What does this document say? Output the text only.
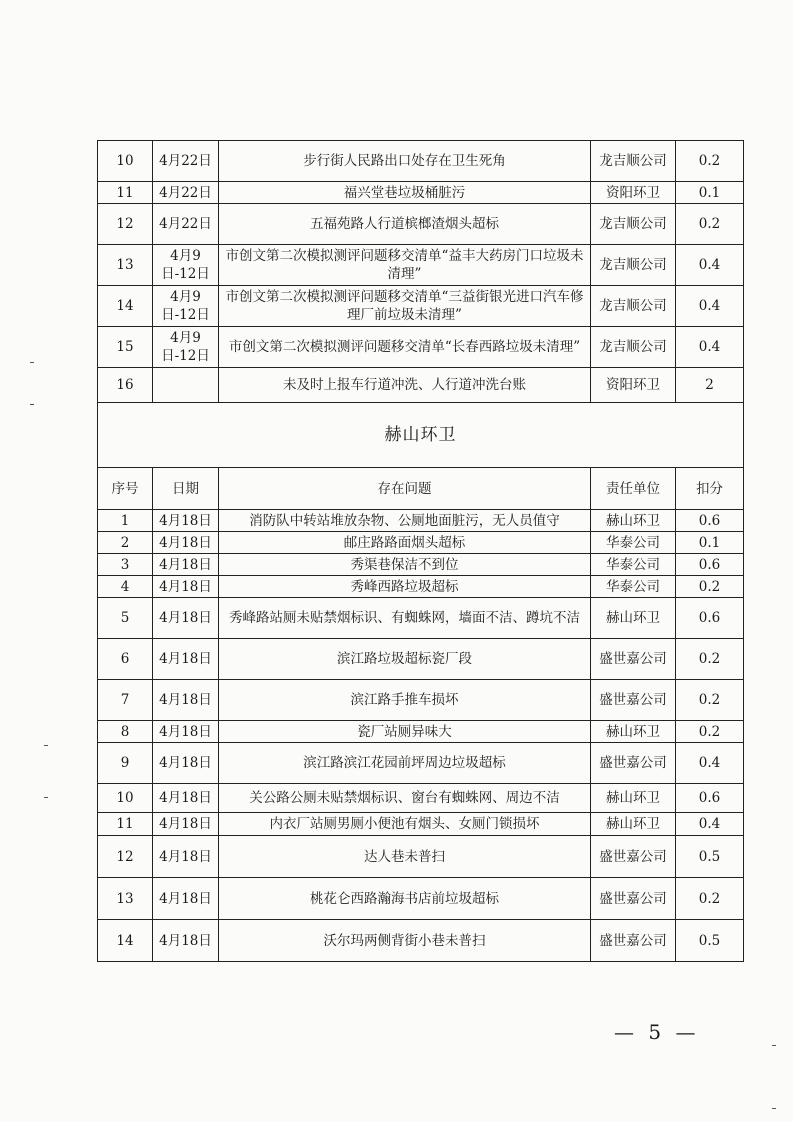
10	4月22日	步行街人民路出口处存在卫生死角	龙吉顺公司	0.2
11	4月22日	福兴堂巷垃圾桶脏污	资阳环卫	0.1
12	4月22日	五福苑路人行道槟榔渣烟头超标	龙吉顺公司	0.2
13	4月9日-12日	市创文第二次模拟测评问题移交清单“益丰大药房门口垃圾未清理”	龙吉顺公司	0.4
14	4月9日-12日	市创文第二次模拟测评问题移交清单“三益街银光进口汽车修理厂前垃圾未清理”	龙吉顺公司	0.4
15	4月9日-12日	市创文第二次模拟测评问题移交清单“长春西路垃圾未清理”	龙吉顺公司	0.4
16		未及时上报车行道冲洗、人行道冲洗台账	资阳环卫	2
赫山环卫				
序号	日期	存在问题	责任单位	扣分
1	4月18日	消防队中转站堆放杂物、公厕地面脏污，无人员值守	赫山环卫	0.6
2	4月18日	邮庄路路面烟头超标	华泰公司	0.1
3	4月18日	秀渠巷保洁不到位	华泰公司	0.6
4	4月18日	秀峰西路垃圾超标	华泰公司	0.2
5	4月18日	秀峰路站厕未贴禁烟标识、有蜘蛛网，墙面不洁、蹲坑不洁	赫山环卫	0.6
6	4月18日	滨江路垃圾超标瓷厂段	盛世嘉公司	0.2
7	4月18日	滨江路手推车损坏	盛世嘉公司	0.2
8	4月18日	瓷厂站厕异味大	赫山环卫	0.2
9	4月18日	滨江路滨江花园前坪周边垃圾超标	盛世嘉公司	0.4
10	4月18日	关公路公厕未贴禁烟标识、窗台有蜘蛛网、周边不洁	赫山环卫	0.6
11	4月18日	内衣厂站厕男厕小便池有烟头、女厕门锁损坏	赫山环卫	0.4
12	4月18日	达人巷未普扫	盛世嘉公司	0.5
13	4月18日	桃花仑西路瀚海书店前垃圾超标	盛世嘉公司	0.2
14	4月18日	沃尔玛两侧背街小巷未普扫	盛世嘉公司	0.5
— 5 —
